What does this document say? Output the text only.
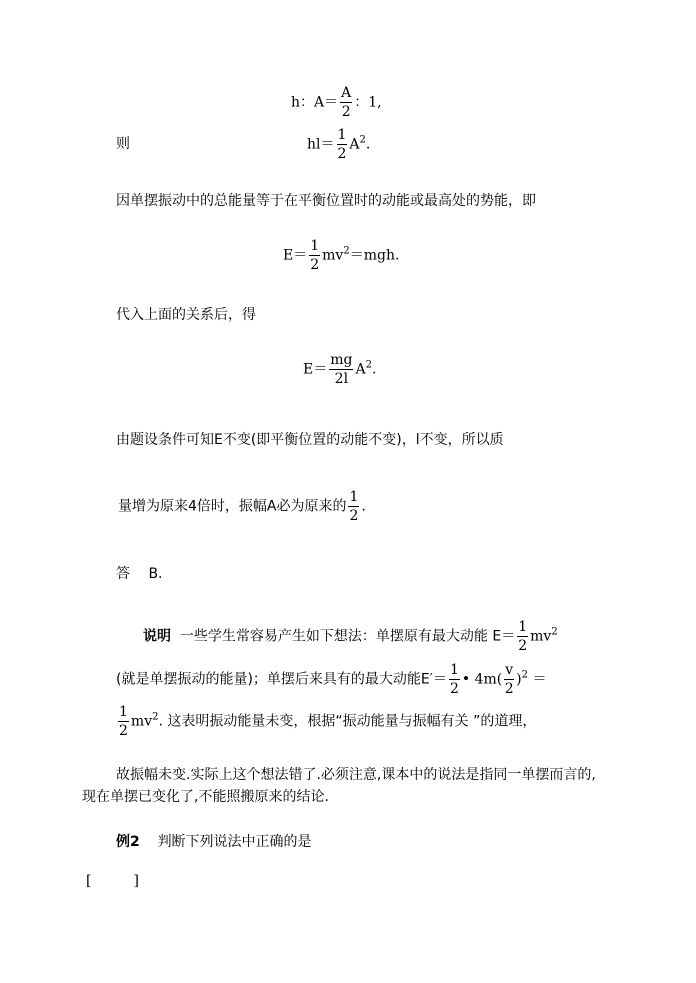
h：$A= \frac{A}{2}$ ：1,
则	$hl= \frac{1}{2} A^2$.
因单摆振动中的总能量等于在平衡位置时的动能或最高处的势能，即
$E= \frac{1}{2} mv^2=mgh$.
代入上面的关系后，得
$E= \frac{mg}{2l} A^2$.
由题设条件可知E不变(即平衡位置的动能不变)，l不变，所以质
量增为原来4倍时，振幅A必为原来的 $\frac{1}{2}$ .
答　 B.
说明 一些学生常容易产生如下想法：单摆原有最大动能 $E= \frac{1}{2} mv^2$
(就是单摆振动的能量)；单摆后来具有的最大动能$E'= \frac{1}{2}$ • $4m( \frac{v}{2} )^2$ ＝
$\frac{1}{2} mv^2$. 这表明振动能量未变，根据“振动能量与振幅有关 ”的道理，
故振幅未变.实际上这个想法错了.必须注意,课本中的说法是指同一单摆而言的,
现在单摆已变化了,不能照搬原来的结论.
例2 判断下列说法中正确的是
[　　　]
